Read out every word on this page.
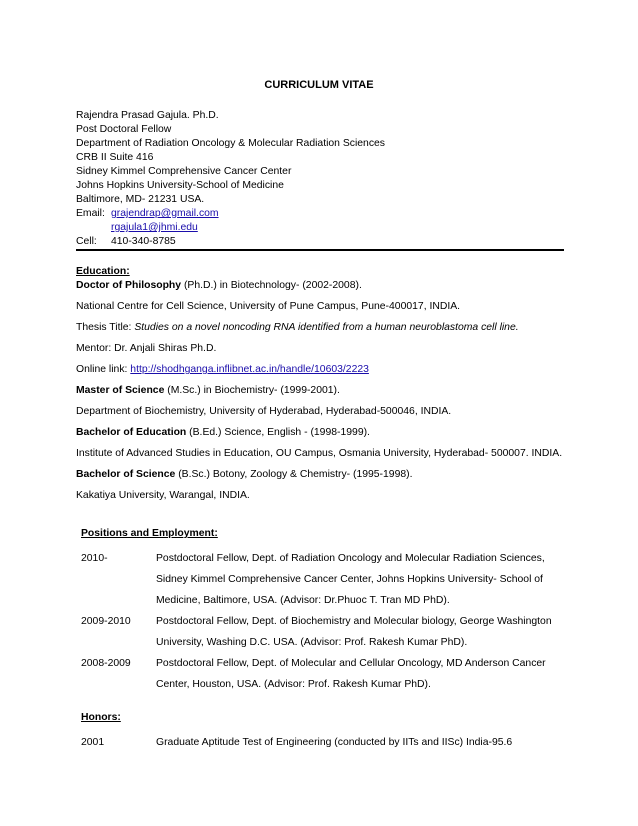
CURRICULUM VITAE
Rajendra Prasad Gajula. Ph.D.
Post Doctoral Fellow
Department of Radiation Oncology & Molecular Radiation Sciences
CRB II Suite 416
Sidney Kimmel Comprehensive Cancer Center
Johns Hopkins University-School of Medicine
Baltimore, MD- 21231 USA.
Email: grajendrap@gmail.com
rgajula1@jhmi.edu
Cell:	410-340-8785
Education:
Doctor of Philosophy (Ph.D.) in Biotechnology- (2002-2008).
National Centre for Cell Science, University of Pune Campus, Pune-400017, INDIA.
Thesis Title: Studies on a novel noncoding RNA identified from a human neuroblastoma cell line.
Mentor: Dr. Anjali Shiras Ph.D.
Online link: http://shodhganga.inflibnet.ac.in/handle/10603/2223
Master of Science (M.Sc.) in Biochemistry- (1999-2001).
Department of Biochemistry, University of Hyderabad, Hyderabad-500046, INDIA.
Bachelor of Education (B.Ed.) Science, English - (1998-1999).
Institute of Advanced Studies in Education, OU Campus, Osmania University, Hyderabad- 500007. INDIA.
Bachelor of Science (B.Sc.) Botony, Zoology & Chemistry- (1995-1998).
Kakatiya University, Warangal, INDIA.
Positions and Employment:
2010-	Postdoctoral Fellow, Dept. of Radiation Oncology and Molecular Radiation Sciences,
Sidney Kimmel Comprehensive Cancer Center, Johns Hopkins University- School of
Medicine, Baltimore, USA. (Advisor: Dr.Phuoc T. Tran MD PhD).
2009-2010	Postdoctoral Fellow, Dept. of Biochemistry and Molecular biology, George Washington
University, Washing D.C. USA. (Advisor: Prof. Rakesh Kumar PhD).
2008-2009	Postdoctoral Fellow, Dept. of Molecular and Cellular Oncology, MD Anderson Cancer
Center, Houston, USA. (Advisor: Prof. Rakesh Kumar PhD).
Honors:
2001	Graduate Aptitude Test of Engineering (conducted by IITs and IISc) India-95.6
